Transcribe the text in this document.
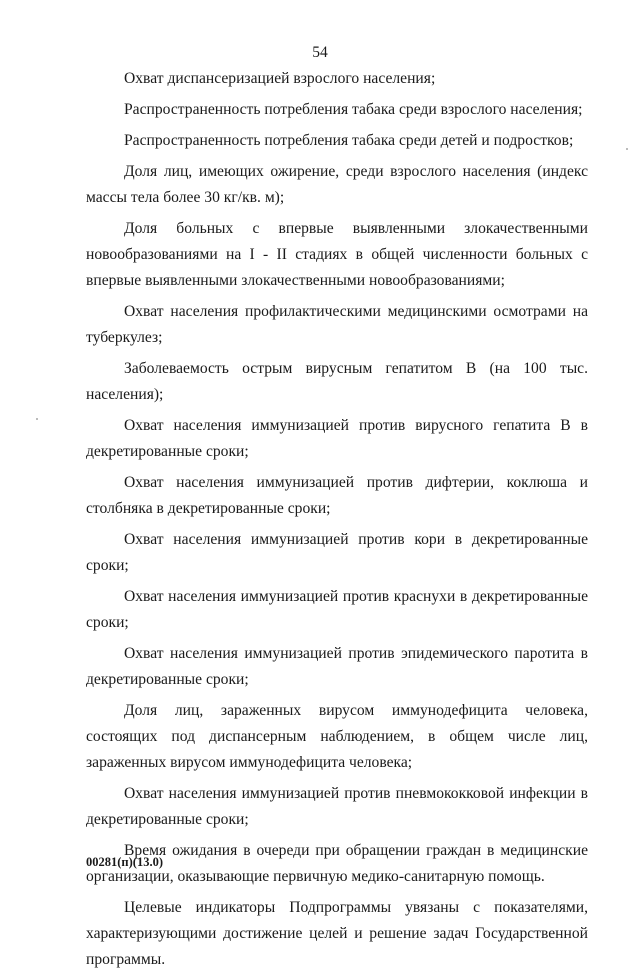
54

Охват диспансеризацией взрослого населения;

Распространенность потребления табака среди взрослого населения;

Распространенность потребления табака среди детей и подростков;

Доля лиц, имеющих ожирение, среди взрослого населения (индекс массы тела более 30 кг/кв. м);

Доля больных с впервые выявленными злокачественными новообразованиями на I - II стадиях в общей численности больных с впервые выявленными злокачественными новообразованиями;

Охват населения профилактическими медицинскими осмотрами на туберкулез;

Заболеваемость острым вирусным гепатитом В (на 100 тыс. населения);

Охват населения иммунизацией против вирусного гепатита В в декретированные сроки;

Охват населения иммунизацией против дифтерии, коклюша и столбняка в декретированные сроки;

Охват населения иммунизацией против кори в декретированные сроки;

Охват населения иммунизацией против краснухи в декретированные сроки;

Охват населения иммунизацией против эпидемического паротита в декретированные сроки;

Доля лиц, зараженных вирусом иммунодефицита человека, состоящих под диспансерным наблюдением, в общем числе лиц, зараженных вирусом иммунодефицита человека;

Охват населения иммунизацией против пневмококковой инфекции в декретированные сроки;

Время ожидания в очереди при обращении граждан в медицинские организации, оказывающие первичную медико-санитарную помощь.

Целевые индикаторы Подпрограммы увязаны с показателями, характеризующими достижение целей и решение задач Государственной программы.

00281(п)(13.0)
